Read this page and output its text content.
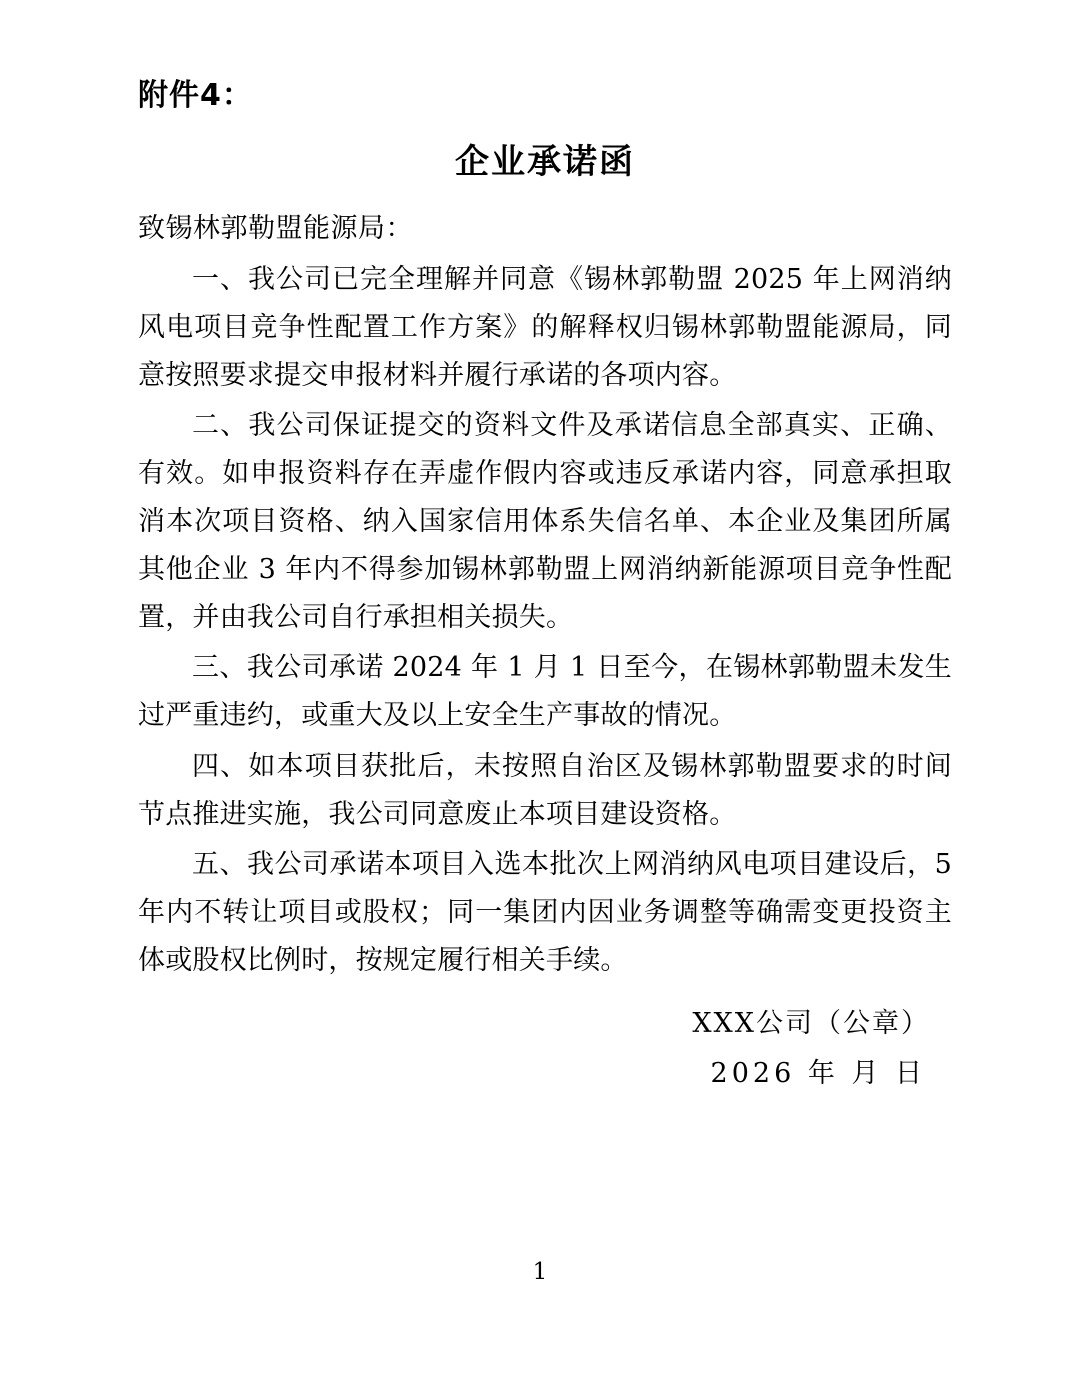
附件4：
企业承诺函
致锡林郭勒盟能源局：

一、我公司已完全理解并同意《锡林郭勒盟 2025 年上网消纳风电项目竞争性配置工作方案》的解释权归锡林郭勒盟能源局，同意按照要求提交申报材料并履行承诺的各项内容。

二、我公司保证提交的资料文件及承诺信息全部真实、正确、有效。如申报资料存在弄虚作假内容或违反承诺内容，同意承担取消本次项目资格、纳入国家信用体系失信名单、本企业及集团所属其他企业 3 年内不得参加锡林郭勒盟上网消纳新能源项目竞争性配置，并由我公司自行承担相关损失。

三、我公司承诺 2024 年 1 月 1 日至今，在锡林郭勒盟未发生过严重违约，或重大及以上安全生产事故的情况。

四、如本项目获批后，未按照自治区及锡林郭勒盟要求的时间节点推进实施，我公司同意废止本项目建设资格。

五、我公司承诺本项目入选本批次上网消纳风电项目建设后，5 年内不转让项目或股权；同一集团内因业务调整等确需变更投资主体或股权比例时，按规定履行相关手续。

XXX公司（公章）
2026 年 月 日
1
